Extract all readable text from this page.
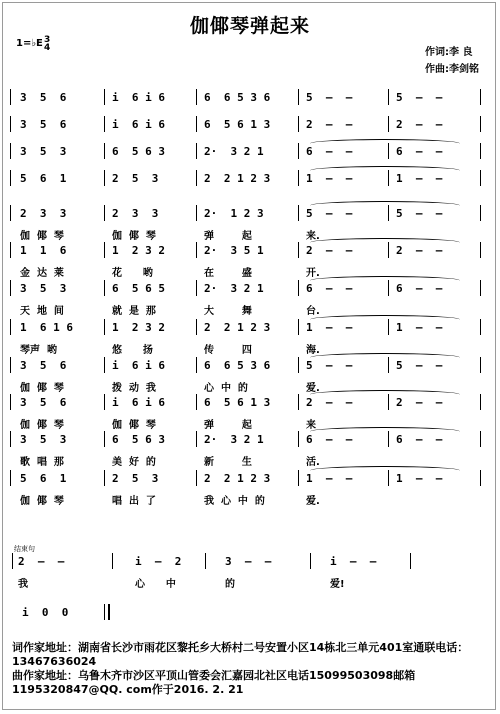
伽倻琴弹起来
1=♭E 3
4	作词:李 良
作曲:李剑铭
3  5  6	i  6 i 6	6  6 5 3 6	5  —  —	5  —  —
3  5  6	i  6 i 6	6  5 6 1 3	2  —  —	2  —  —
3  5  3	6  5 6 3	2·  3 2 1	6  —  —	6  —  —
5  6  1	2  5  3	2  2 1 2 3	1  —  —	1  —  —
2  3  3	2  3  3	2·  1 2 3	5  —  —	5  —  —
伽  倻  琴	伽  倻  琴	弹        起	来.
1  1  6	1  2 3 2	2·  3 5 1	2  —  —	2  —  —
金  达  莱	花      哟	在        盛	开.
3  5  3	6  5 6 5	2·  3 2 1	6  —  —	6  —  —
天  地  间	就  是  那	大        舞	台.
1  6 1 6	1  2 3 2	2  2 1 2 3	1  —  —	1  —  —
琴声  哟	悠      扬	传        四	海.
3  5  6	i  6 i 6	6  6 5 3 6	5  —  —	5  —  —
伽  倻  琴	拨  动  我	心  中  的	爱.
3  5  6	i  6 i 6	6  5 6 1 3	2  —  —	2  —  —
伽  倻  琴	伽  倻  琴	弹        起	来
3  5  3	6  5 6 3	2·  3 2 1	6  —  —	6  —  —
歌  唱  那	美  好  的	新        生	活.
5  6  1	2  5  3	2  2 1 2 3	1  —  —	1  —  —
伽  倻  琴	唱  出  了	我  心  中  的	爱.
2  —  —	i  —  2	3  —  —	i  —  —
我	心      中	的	爱!
i  0  0
结束句
词作家地址：湖南省长沙市雨花区黎托乡大桥村二号安置小区14栋北三单元401室通联电话：
13467636024
曲作家地址：乌鲁木齐市沙区平顶山管委会汇嘉园北社区电话15099503098邮箱
1195320847@QQ. com作于2016. 2. 21
